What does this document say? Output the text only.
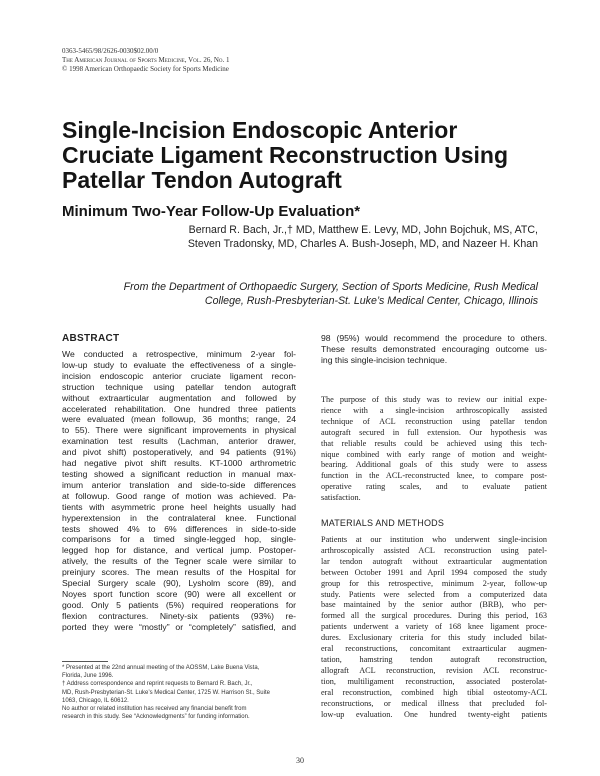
0363-5465/98/2626-0030$02.00/0
The American Journal of Sports Medicine, Vol. 26, No. 1
© 1998 American Orthopaedic Society for Sports Medicine
Single-Incision Endoscopic Anterior
Cruciate Ligament Reconstruction Using
Patellar Tendon Autograft
Minimum Two-Year Follow-Up Evaluation*
Bernard R. Bach, Jr.,† MD, Matthew E. Levy, MD, John Bojchuk, MS, ATC,
Steven Tradonsky, MD, Charles A. Bush-Joseph, MD, and Nazeer H. Khan
From the Department of Orthopaedic Surgery, Section of Sports Medicine, Rush Medical
College, Rush-Presbyterian-St. Luke’s Medical Center, Chicago, Illinois
ABSTRACT
We conducted a retrospective, minimum 2-year fol-
low-up study to evaluate the effectiveness of a single-
incision endoscopic anterior cruciate ligament recon-
struction technique using patellar tendon autograft
without extraarticular augmentation and followed by
accelerated rehabilitation. One hundred three patients
were evaluated (mean followup, 36 months; range, 24
to 55). There were significant improvements in physical
examination test results (Lachman, anterior drawer,
and pivot shift) postoperatively, and 94 patients (91%)
had negative pivot shift results. KT-1000 arthrometric
testing showed a significant reduction in manual max-
imum anterior translation and side-to-side differences
at followup. Good range of motion was achieved. Pa-
tients with asymmetric prone heel heights usually had
hyperextension in the contralateral knee. Functional
tests showed 4% to 6% differences in side-to-side
comparisons for a timed single-legged hop, single-
legged hop for distance, and vertical jump. Postoper-
atively, the results of the Tegner scale were similar to
preinjury scores. The mean results of the Hospital for
Special Surgery scale (90), Lysholm score (89), and
Noyes sport function score (90) were all excellent or
good. Only 5 patients (5%) required reoperations for
flexion contractures. Ninety-six patients (93%) re-
ported they were “mostly” or “completely” satisfied, and
98 (95%) would recommend the procedure to others.
These results demonstrated encouraging outcome us-
ing this single-incision technique.
The purpose of this study was to review our initial expe-
rience with a single-incision arthroscopically assisted
technique of ACL reconstruction using patellar tendon
autograft secured in full extension. Our hypothesis was
that reliable results could be achieved using this tech-
nique combined with early range of motion and weight-
bearing. Additional goals of this study were to assess
function in the ACL-reconstructed knee, to compare post-
operative rating scales, and to evaluate patient
satisfaction.
MATERIALS AND METHODS
Patients at our institution who underwent single-incision
arthroscopically assisted ACL reconstruction using patel-
lar tendon autograft without extraarticular augmentation
between October 1991 and April 1994 composed the study
group for this retrospective, minimum 2-year, follow-up
study. Patients were selected from a computerized data
base maintained by the senior author (BRB), who per-
formed all the surgical procedures. During this period, 163
patients underwent a variety of 168 knee ligament proce-
dures. Exclusionary criteria for this study included bilat-
eral reconstructions, concomitant extraarticular augmen-
tation, hamstring tendon autograft reconstruction,
allograft ACL reconstruction, revision ACL reconstruc-
tion, multiligament reconstruction, associated posterolat-
eral reconstruction, combined high tibial osteotomy-ACL
reconstructions, or medical illness that precluded fol-
low-up evaluation. One hundred twenty-eight patients
* Presented at the 22nd annual meeting of the AOSSM, Lake Buena Vista,
Florida, June 1996.
† Address correspondence and reprint requests to Bernard R. Bach, Jr.,
MD, Rush-Presbyterian-St. Luke’s Medical Center, 1725 W. Harrison St., Suite
1063, Chicago, IL 60612.
No author or related institution has received any financial benefit from
research in this study. See “Acknowledgments” for funding information.
30
